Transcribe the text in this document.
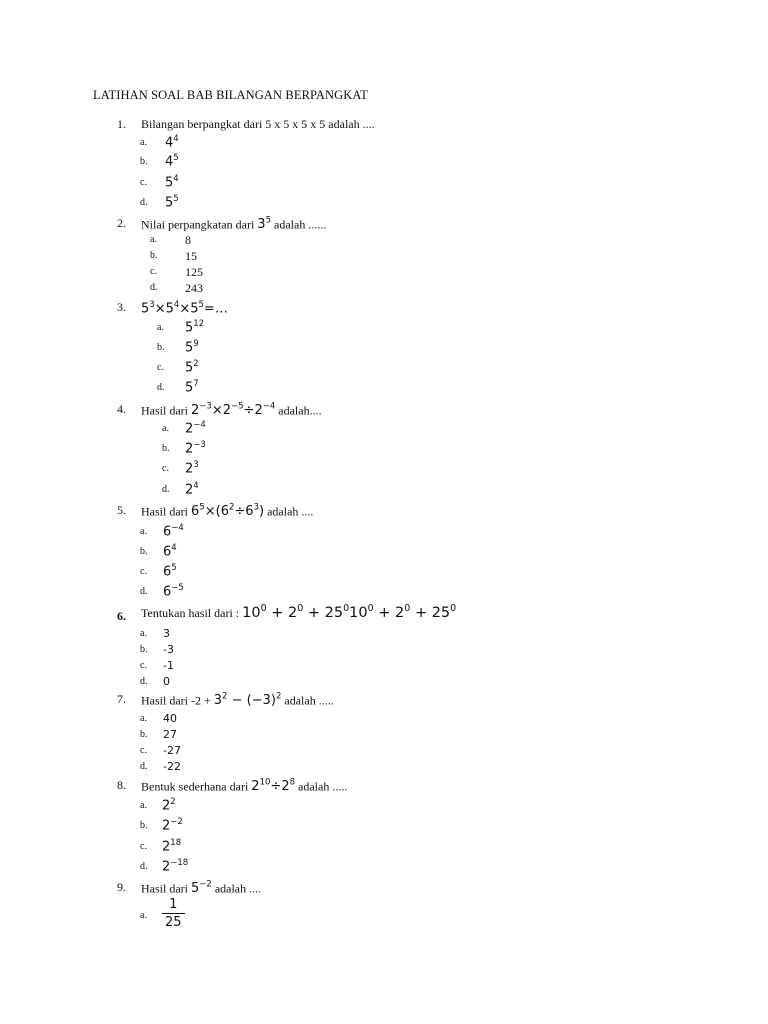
LATIHAN SOAL BAB BILANGAN BERPANGKAT
1.	Bilangan berpangkat dari 5 x 5 x 5 x 5 adalah ....
a. $4^4$
b. $4^5$
c. $5^4$
d. $5^5$
2.	Nilai perpangkatan dari $3^5$ adalah ......
a. 8
b. 15
c. 125
d. 243
3.	$5^3\times 5^4\times 5^5=\dots$
a. $5^{12}$
b. $5^9$
c. $5^2$
d. $5^7$
4.	Hasil dari $2^{-3}\times 2^{-5}\div 2^{-4}$ adalah....
a. $2^{-4}$
b. $2^{-3}$
c. $2^3$
d. $2^4$
5.	Hasil dari $6^5\times(6^2\div 6^3)$ adalah ....
a. $6^{-4}$
b. $6^4$
c. $6^5$
d. $6^{-5}$
6.	Tentukan hasil dari : $10^0 + 2^0 + 25^010^0 + 2^0 + 25^0$
a. 3
b. -3
c. -1
d. 0
7.	Hasil dari $-2 + 3^2 - (-3)^2$ adalah .....
a. 40
b. 27
c. -27
d. -22
8.	Bentuk sederhana dari $2^{10}\div 2^8$ adalah .....
a. $2^2$
b. $2^{-2}$
c. $2^{18}$
d. $2^{-18}$
9.	Hasil dari $5^{-2}$ adalah ....
a. $\frac{1}{25}$
